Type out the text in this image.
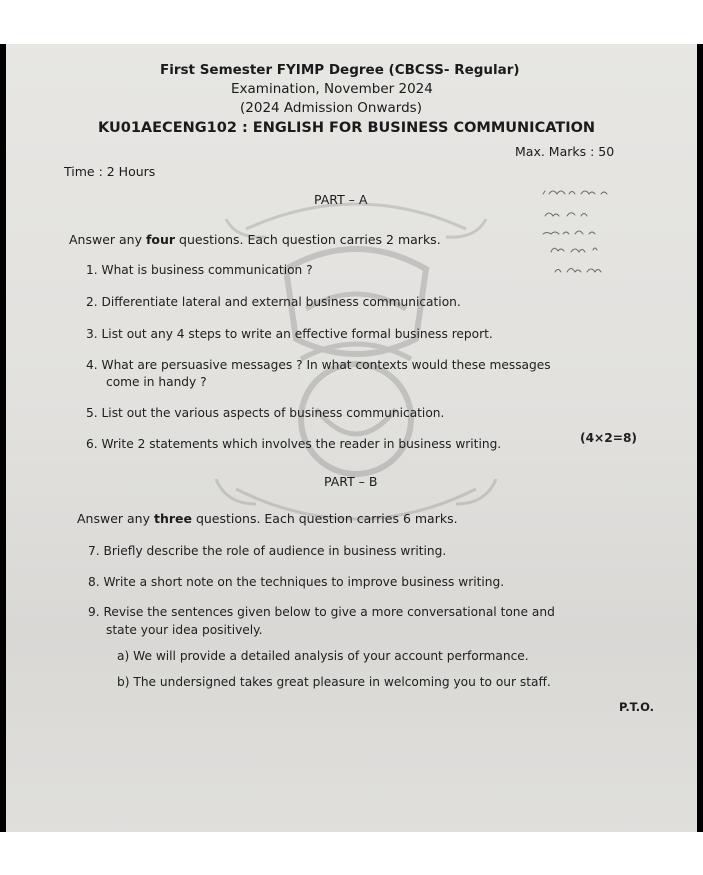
First Semester FYIMP Degree (CBCSS- Regular)
Examination, November 2024
(2024 Admission Onwards)
KU01AECENG102 : ENGLISH FOR BUSINESS COMMUNICATION
Time : 2 Hours
Max. Marks : 50
PART – A
Answer any four questions. Each question carries 2 marks.
1. What is business communication ?
2. Differentiate lateral and external business communication.
3. List out any 4 steps to write an effective formal business report.
4. What are persuasive messages ? In what contexts would these messages
come in handy ?
5. List out the various aspects of business communication.
6. Write 2 statements which involves the reader in business writing.	(4×2=8)
PART – B
Answer any three questions. Each question carries 6 marks.
7. Briefly describe the role of audience in business writing.
8. Write a short note on the techniques to improve business writing.
9. Revise the sentences given below to give a more conversational tone and
state your idea positively.
a) We will provide a detailed analysis of your account performance.
b) The undersigned takes great pleasure in welcoming you to our staff.
P.T.O.
